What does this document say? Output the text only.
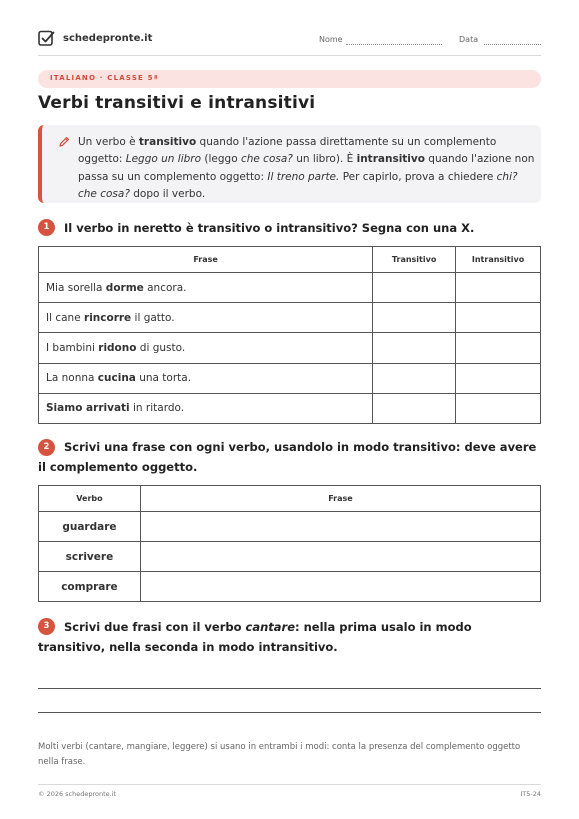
schedepronte.it	Nome	Data
ITALIANO · CLASSE 5ª
Verbi transitivi e intransitivi
Un verbo è transitivo quando l'azione passa direttamente su un complemento oggetto: Leggo un libro (leggo che cosa? un libro). È intransitivo quando l'azione non passa su un complemento oggetto: Il treno parte. Per capirlo, prova a chiedere chi? che cosa? dopo il verbo.
1	Il verbo in neretto è transitivo o intransitivo? Segna con una X.
Frase	Transitivo	Intransitivo
Mia sorella dorme ancora.		
Il cane rincorre il gatto.		
I bambini ridono di gusto.		
La nonna cucina una torta.		
Siamo arrivati in ritardo.		
2	Scrivi una frase con ogni verbo, usandolo in modo transitivo: deve avere il complemento oggetto.
Verbo	Frase
guardare	
scrivere	
comprare	
3	Scrivi due frasi con il verbo cantare: nella prima usalo in modo transitivo, nella seconda in modo intransitivo.
Molti verbi (cantare, mangiare, leggere) si usano in entrambi i modi: conta la presenza del complemento oggetto nella frase.
© 2026 schedepronte.it	IT5-24
